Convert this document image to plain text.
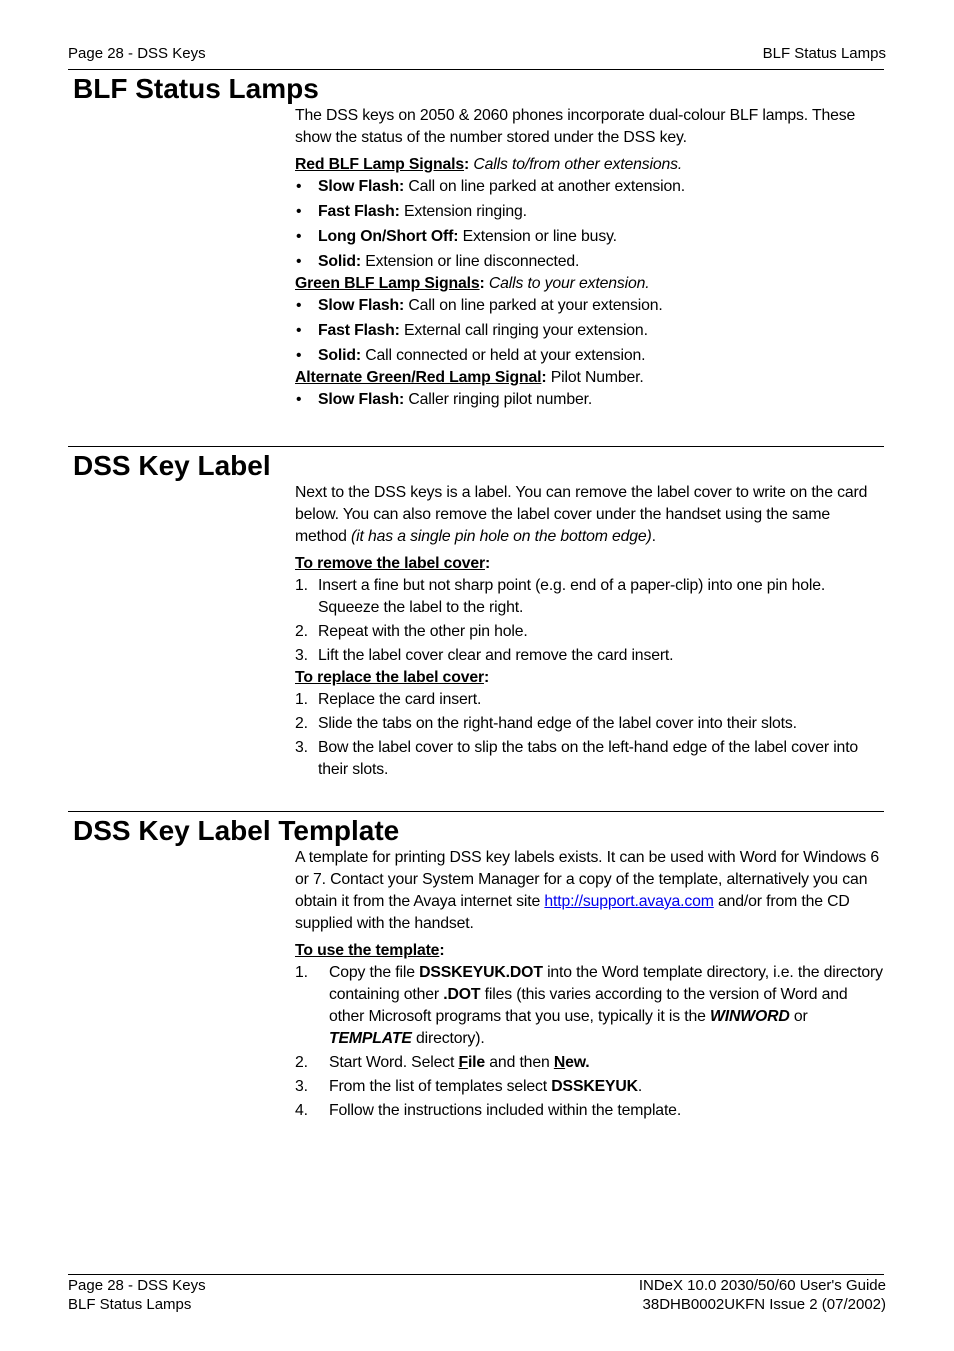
Page 28 - DSS Keys	BLF Status Lamps
BLF Status Lamps

The DSS keys on 2050 & 2060 phones incorporate dual-colour BLF lamps. These show the status of the number stored under the DSS key.

Red BLF Lamp Signals: Calls to/from other extensions.

• Slow Flash: Call on line parked at another extension.
• Fast Flash: Extension ringing.
• Long On/Short Off: Extension or line busy.
• Solid: Extension or line disconnected.

Green BLF Lamp Signals: Calls to your extension.

• Slow Flash: Call on line parked at your extension.
• Fast Flash: External call ringing your extension.
• Solid: Call connected or held at your extension.

Alternate Green/Red Lamp Signal: Pilot Number.

• Slow Flash: Caller ringing pilot number.
DSS Key Label

Next to the DSS keys is a label. You can remove the label cover to write on the card below. You can also remove the label cover under the handset using the same method (it has a single pin hole on the bottom edge).

To remove the label cover:

1. Insert a fine but not sharp point (e.g. end of a paper-clip) into one pin hole. Squeeze the label to the right.
2. Repeat with the other pin hole.
3. Lift the label cover clear and remove the card insert.

To replace the label cover:

1. Replace the card insert.
2. Slide the tabs on the right-hand edge of the label cover into their slots.
3. Bow the label cover to slip the tabs on the left-hand edge of the label cover into their slots.
DSS Key Label Template

A template for printing DSS key labels exists. It can be used with Word for Windows 6 or 7. Contact your System Manager for a copy of the template, alternatively you can obtain it from the Avaya internet site http://support.avaya.com and/or from the CD supplied with the handset.

To use the template:

1. Copy the file DSSKEYUK.DOT into the Word template directory, i.e. the directory containing other .DOT files (this varies according to the version of Word and other Microsoft programs that you use, typically it is the WINWORD or TEMPLATE directory).
2. Start Word. Select File and then New.
3. From the list of templates select DSSKEYUK.
4. Follow the instructions included within the template.
Page 28 - DSS Keys
BLF Status Lamps
INDeX 10.0 2030/50/60 User's Guide
38DHB0002UKFN Issue 2 (07/2002)
